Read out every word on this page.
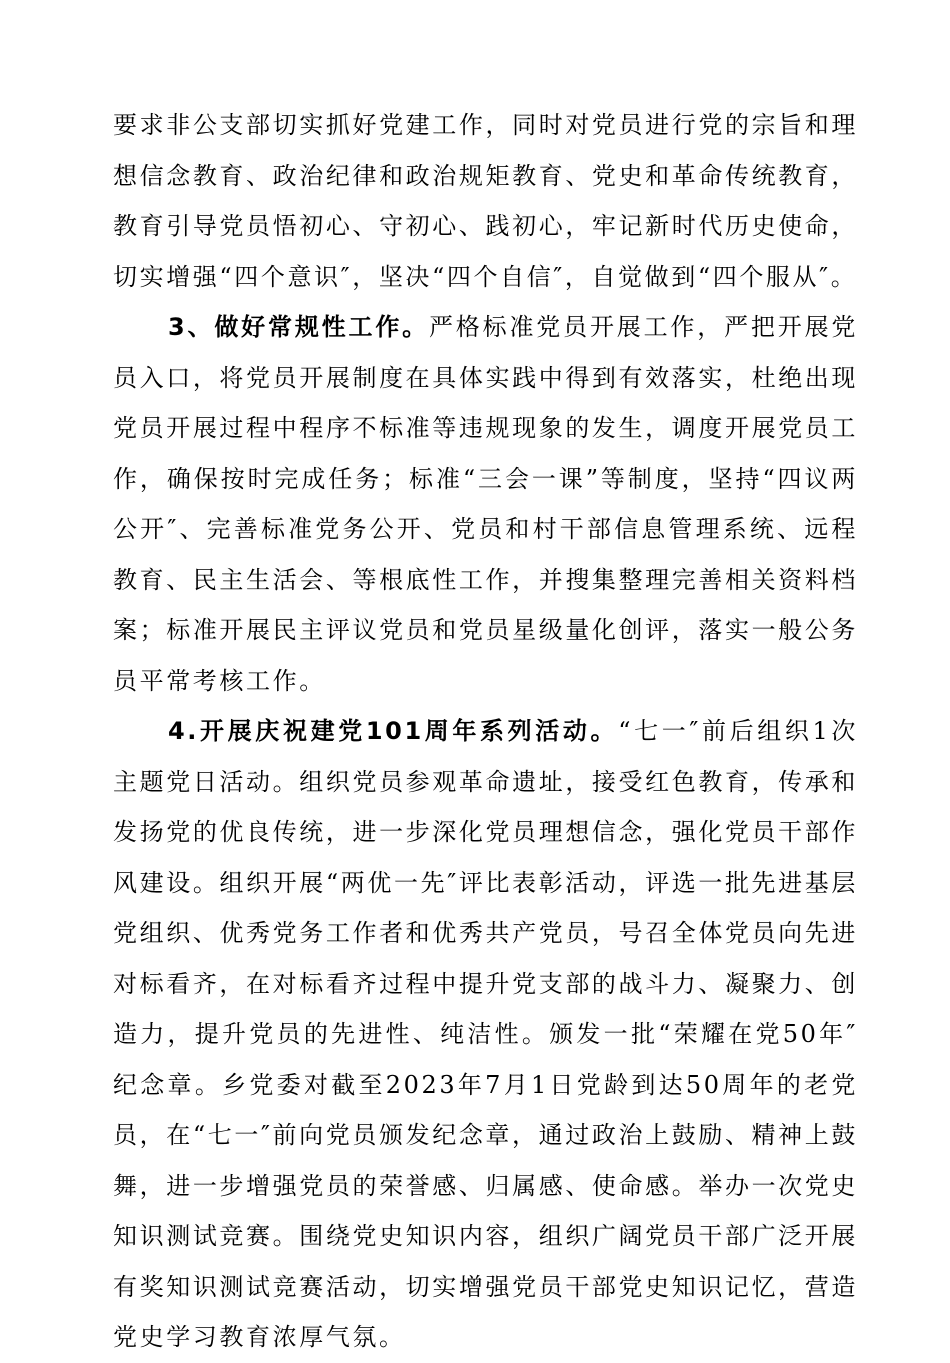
要求非公支部切实抓好党建工作，同时对党员进行党的宗旨和理想信念教育、政治纪律和政治规矩教育、党史和革命传统教育，教育引导党员悟初心、守初心、践初心，牢记新时代历史使命，切实增强“四个意识″，坚决“四个自信″，自觉做到“四个服从″。

3、做好常规性工作。严格标准党员开展工作，严把开展党员入口，将党员开展制度在具体实践中得到有效落实，杜绝出现党员开展过程中程序不标准等违规现象的发生，调度开展党员工作，确保按时完成任务；标准“三会一课”等制度，坚持“四议两公开″、完善标准党务公开、党员和村干部信息管理系统、远程教育、民主生活会、等根底性工作，并搜集整理完善相关资料档案；标准开展民主评议党员和党员星级量化创评，落实一般公务员平常考核工作。

4.开展庆祝建党101周年系列活动。“七一″前后组织1次主题党日活动。组织党员参观革命遗址，接受红色教育，传承和发扬党的优良传统，进一步深化党员理想信念，强化党员干部作风建设。组织开展“两优一先″评比表彰活动，评选一批先进基层党组织、优秀党务工作者和优秀共产党员，号召全体党员向先进对标看齐，在对标看齐过程中提升党支部的战斗力、凝聚力、创造力，提升党员的先进性、纯洁性。颁发一批“荣耀在党50年″纪念章。乡党委对截至2023年7月1日党龄到达50周年的老党员，在“七一″前向党员颁发纪念章，通过政治上鼓励、精神上鼓舞，进一步增强党员的荣誉感、归属感、使命感。举办一次党史知识测试竞赛。围绕党史知识内容，组织广阔党员干部广泛开展有奖知识测试竞赛活动，切实增强党员干部党史知识记忆，营造党史学习教育浓厚气氛。
